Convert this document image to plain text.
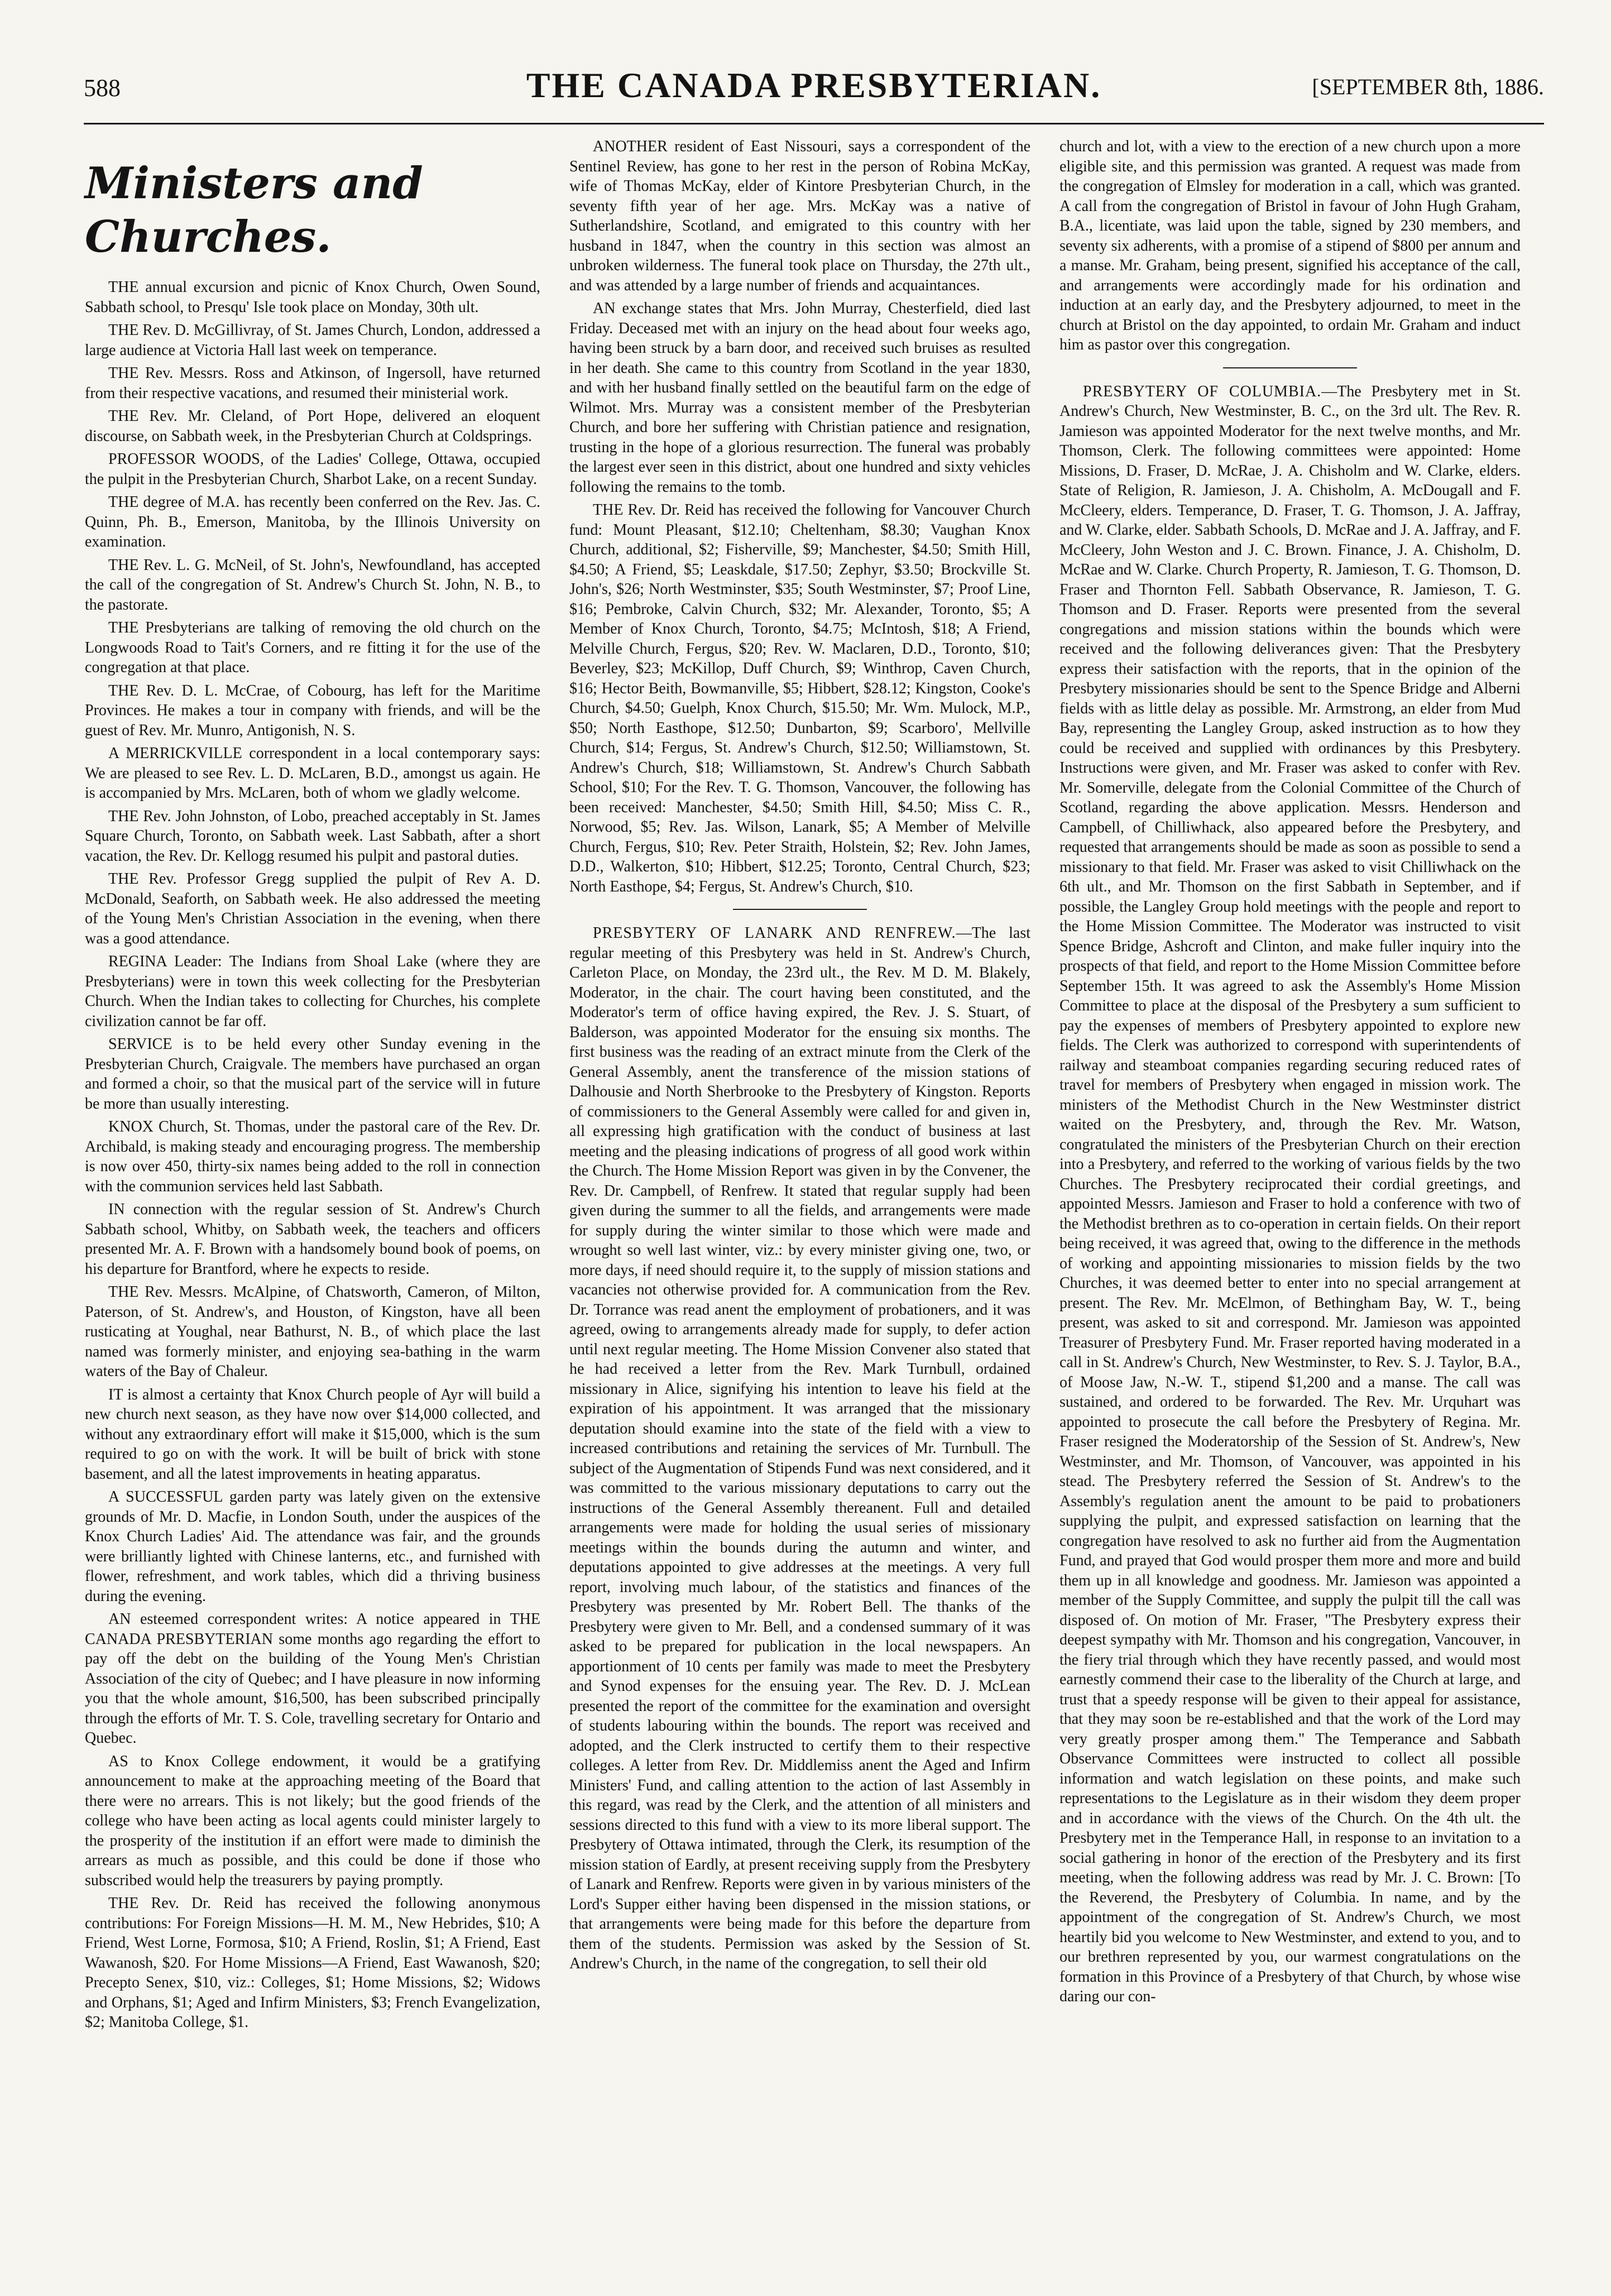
588	THE CANADA PRESBYTERIAN.	[SEPTEMBER 8th, 1886.
Ministers and Churches.

THE annual excursion and picnic of Knox Church, Owen Sound, Sabbath school, to Presqu' Isle took place on Monday, 30th ult.

THE Rev. D. McGillivray, of St. James Church, London, addressed a large audience at Victoria Hall last week on temperance.

THE Rev. Messrs. Ross and Atkinson, of Ingersoll, have returned from their respective vacations, and resumed their ministerial work.

THE Rev. Mr. Cleland, of Port Hope, delivered an eloquent discourse, on Sabbath week, in the Presbyterian Church at Coldsprings.

PROFESSOR WOODS, of the Ladies' College, Ottawa, occupied the pulpit in the Presbyterian Church, Sharbot Lake, on a recent Sunday.

THE degree of M.A. has recently been conferred on the Rev. Jas. C. Quinn, Ph. B., Emerson, Manitoba, by the Illinois University on examination.

THE Rev. L. G. McNeil, of St. John's, Newfoundland, has accepted the call of the congregation of St. Andrew's Church St. John, N. B., to the pastorate.

THE Presbyterians are talking of removing the old church on the Longwoods Road to Tait's Corners, and re fitting it for the use of the congregation at that place.

THE Rev. D. L. McCrae, of Cobourg, has left for the Maritime Provinces. He makes a tour in company with friends, and will be the guest of Rev. Mr. Munro, Antigonish, N. S.

A MERRICKVILLE correspondent in a local contemporary says: We are pleased to see Rev. L. D. McLaren, B.D., amongst us again. He is accompanied by Mrs. McLaren, both of whom we gladly welcome.

THE Rev. John Johnston, of Lobo, preached acceptably in St. James Square Church, Toronto, on Sabbath week. Last Sabbath, after a short vacation, the Rev. Dr. Kellogg resumed his pulpit and pastoral duties.

THE Rev. Professor Gregg supplied the pulpit of Rev A. D. McDonald, Seaforth, on Sabbath week. He also addressed the meeting of the Young Men's Christian Association in the evening, when there was a good attendance.

REGINA Leader: The Indians from Shoal Lake (where they are Presbyterians) were in town this week collecting for the Presbyterian Church. When the Indian takes to collecting for Churches, his complete civilization cannot be far off.

SERVICE is to be held every other Sunday evening in the Presbyterian Church, Craigvale. The members have purchased an organ and formed a choir, so that the musical part of the service will in future be more than usually interesting.

KNOX Church, St. Thomas, under the pastoral care of the Rev. Dr. Archibald, is making steady and encouraging progress. The membership is now over 450, thirty-six names being added to the roll in connection with the communion services held last Sabbath.

IN connection with the regular session of St. Andrew's Church Sabbath school, Whitby, on Sabbath week, the teachers and officers presented Mr. A. F. Brown with a handsomely bound book of poems, on his departure for Brantford, where he expects to reside.

THE Rev. Messrs. McAlpine, of Chatsworth, Cameron, of Milton, Paterson, of St. Andrew's, and Houston, of Kingston, have all been rusticating at Youghal, near Bathurst, N. B., of which place the last named was formerly minister, and enjoying sea-bathing in the warm waters of the Bay of Chaleur.

IT is almost a certainty that Knox Church people of Ayr will build a new church next season, as they have now over $14,000 collected, and without any extraordinary effort will make it $15,000, which is the sum required to go on with the work. It will be built of brick with stone basement, and all the latest improvements in heating apparatus.

A SUCCESSFUL garden party was lately given on the extensive grounds of Mr. D. Macfie, in London South, under the auspices of the Knox Church Ladies' Aid. The attendance was fair, and the grounds were brilliantly lighted with Chinese lanterns, etc., and furnished with flower, refreshment, and work tables, which did a thriving business during the evening.

AN esteemed correspondent writes: A notice appeared in THE CANADA PRESBYTERIAN some months ago regarding the effort to pay off the debt on the building of the Young Men's Christian Association of the city of Quebec; and I have pleasure in now informing you that the whole amount, $16,500, has been subscribed principally through the efforts of Mr. T. S. Cole, travelling secretary for Ontario and Quebec.

AS to Knox College endowment, it would be a gratifying announcement to make at the approaching meeting of the Board that there were no arrears. This is not likely; but the good friends of the college who have been acting as local agents could minister largely to the prosperity of the institution if an effort were made to diminish the arrears as much as possible, and this could be done if those who subscribed would help the treasurers by paying promptly.

THE Rev. Dr. Reid has received the following anonymous contributions: For Foreign Missions—H. M. M., New Hebrides, $10; A Friend, West Lorne, Formosa, $10; A Friend, Roslin, $1; A Friend, East Wawanosh, $20. For Home Missions—A Friend, East Wawanosh, $20; Precepto Senex, $10, viz.: Colleges, $1; Home Missions, $2; Widows and Orphans, $1; Aged and Infirm Ministers, $3; French Evangelization, $2; Manitoba College, $1.

ANOTHER resident of East Nissouri, says a correspondent of the Sentinel Review, has gone to her rest in the person of Robina McKay, wife of Thomas McKay, elder of Kintore Presbyterian Church, in the seventy fifth year of her age. Mrs. McKay was a native of Sutherlandshire, Scotland, and emigrated to this country with her husband in 1847, when the country in this section was almost an unbroken wilderness. The funeral took place on Thursday, the 27th ult., and was attended by a large number of friends and acquaintances.

AN exchange states that Mrs. John Murray, Chesterfield, died last Friday. Deceased met with an injury on the head about four weeks ago, having been struck by a barn door, and received such bruises as resulted in her death. She came to this country from Scotland in the year 1830, and with her husband finally settled on the beautiful farm on the edge of Wilmot. Mrs. Murray was a consistent member of the Presbyterian Church, and bore her suffering with Christian patience and resignation, trusting in the hope of a glorious resurrection. The funeral was probably the largest ever seen in this district, about one hundred and sixty vehicles following the remains to the tomb.

THE Rev. Dr. Reid has received the following for Vancouver Church fund: Mount Pleasant, $12.10; Cheltenham, $8.30; Vaughan Knox Church, additional, $2; Fisherville, $9; Manchester, $4.50; Smith Hill, $4.50; A Friend, $5; Leaskdale, $17.50; Zephyr, $3.50; Brockville St. John's, $26; North Westminster, $35; South Westminster, $7; Proof Line, $16; Pembroke, Calvin Church, $32; Mr. Alexander, Toronto, $5; A Member of Knox Church, Toronto, $4.75; McIntosh, $18; A Friend, Melville Church, Fergus, $20; Rev. W. Maclaren, D.D., Toronto, $10; Beverley, $23; McKillop, Duff Church, $9; Winthrop, Caven Church, $16; Hector Beith, Bowmanville, $5; Hibbert, $28.12; Kingston, Cooke's Church, $4.50; Guelph, Knox Church, $15.50; Mr. Wm. Mulock, M.P., $50; North Easthope, $12.50; Dunbarton, $9; Scarboro', Mellville Church, $14; Fergus, St. Andrew's Church, $12.50; Williamstown, St. Andrew's Church, $18; Williamstown, St. Andrew's Church Sabbath School, $10; For the Rev. T. G. Thomson, Vancouver, the following has been received: Manchester, $4.50; Smith Hill, $4.50; Miss C. R., Norwood, $5; Rev. Jas. Wilson, Lanark, $5; A Member of Melville Church, Fergus, $10; Rev. Peter Straith, Holstein, $2; Rev. John James, D.D., Walkerton, $10; Hibbert, $12.25; Toronto, Central Church, $23; North Easthope, $4; Fergus, St. Andrew's Church, $10.

PRESBYTERY OF LANARK AND RENFREW.—The last regular meeting of this Presbytery was held in St. Andrew's Church, Carleton Place, on Monday, the 23rd ult., the Rev. M D. M. Blakely, Moderator, in the chair. The court having been constituted, and the Moderator's term of office having expired, the Rev. J. S. Stuart, of Balderson, was appointed Moderator for the ensuing six months. The first business was the reading of an extract minute from the Clerk of the General Assembly, anent the transference of the mission stations of Dalhousie and North Sherbrooke to the Presbytery of Kingston. Reports of commissioners to the General Assembly were called for and given in, all expressing high gratification with the conduct of business at last meeting and the pleasing indications of progress of all good work within the Church. The Home Mission Report was given in by the Convener, the Rev. Dr. Campbell, of Renfrew. It stated that regular supply had been given during the summer to all the fields, and arrangements were made for supply during the winter similar to those which were made and wrought so well last winter, viz.: by every minister giving one, two, or more days, if need should require it, to the supply of mission stations and vacancies not otherwise provided for. A communication from the Rev. Dr. Torrance was read anent the employment of probationers, and it was agreed, owing to arrangements already made for supply, to defer action until next regular meeting. The Home Mission Convener also stated that he had received a letter from the Rev. Mark Turnbull, ordained missionary in Alice, signifying his intention to leave his field at the expiration of his appointment. It was arranged that the missionary deputation should examine into the state of the field with a view to increased contributions and retaining the services of Mr. Turnbull. The subject of the Augmentation of Stipends Fund was next considered, and it was committed to the various missionary deputations to carry out the instructions of the General Assembly thereanent. Full and detailed arrangements were made for holding the usual series of missionary meetings within the bounds during the autumn and winter, and deputations appointed to give addresses at the meetings. A very full report, involving much labour, of the statistics and finances of the Presbytery was presented by Mr. Robert Bell. The thanks of the Presbytery were given to Mr. Bell, and a condensed summary of it was asked to be prepared for publication in the local newspapers. An apportionment of 10 cents per family was made to meet the Presbytery and Synod expenses for the ensuing year. The Rev. D. J. McLean presented the report of the committee for the examination and oversight of students labouring within the bounds. The report was received and adopted, and the Clerk instructed to certify them to their respective colleges. A letter from Rev. Dr. Middlemiss anent the Aged and Infirm Ministers' Fund, and calling attention to the action of last Assembly in this regard, was read by the Clerk, and the attention of all ministers and sessions directed to this fund with a view to its more liberal support. The Presbytery of Ottawa intimated, through the Clerk, its resumption of the mission station of Eardly, at present receiving supply from the Presbytery of Lanark and Renfrew. Reports were given in by various ministers of the Lord's Supper either having been dispensed in the mission stations, or that arrangements were being made for this before the departure from them of the students. Permission was asked by the Session of St. Andrew's Church, in the name of the congregation, to sell their old

church and lot, with a view to the erection of a new church upon a more eligible site, and this permission was granted. A request was made from the congregation of Elmsley for moderation in a call, which was granted. A call from the congregation of Bristol in favour of John Hugh Graham, B.A., licentiate, was laid upon the table, signed by 230 members, and seventy six adherents, with a promise of a stipend of $800 per annum and a manse. Mr. Graham, being present, signified his acceptance of the call, and arrangements were accordingly made for his ordination and induction at an early day, and the Presbytery adjourned, to meet in the church at Bristol on the day appointed, to ordain Mr. Graham and induct him as pastor over this congregation.

PRESBYTERY OF COLUMBIA.—The Presbytery met in St. Andrew's Church, New Westminster, B. C., on the 3rd ult. The Rev. R. Jamieson was appointed Moderator for the next twelve months, and Mr. Thomson, Clerk. The following committees were appointed: Home Missions, D. Fraser, D. McRae, J. A. Chisholm and W. Clarke, elders. State of Religion, R. Jamieson, J. A. Chisholm, A. McDougall and F. McCleery, elders. Temperance, D. Fraser, T. G. Thomson, J. A. Jaffray, and W. Clarke, elder. Sabbath Schools, D. McRae and J. A. Jaffray, and F. McCleery, John Weston and J. C. Brown. Finance, J. A. Chisholm, D. McRae and W. Clarke. Church Property, R. Jamieson, T. G. Thomson, D. Fraser and Thornton Fell. Sabbath Observance, R. Jamieson, T. G. Thomson and D. Fraser. Reports were presented from the several congregations and mission stations within the bounds which were received and the following deliverances given: That the Presbytery express their satisfaction with the reports, that in the opinion of the Presbytery missionaries should be sent to the Spence Bridge and Alberni fields with as little delay as possible. Mr. Armstrong, an elder from Mud Bay, representing the Langley Group, asked instruction as to how they could be received and supplied with ordinances by this Presbytery. Instructions were given, and Mr. Fraser was asked to confer with Rev. Mr. Somerville, delegate from the Colonial Committee of the Church of Scotland, regarding the above application. Messrs. Henderson and Campbell, of Chilliwhack, also appeared before the Presbytery, and requested that arrangements should be made as soon as possible to send a missionary to that field. Mr. Fraser was asked to visit Chilliwhack on the 6th ult., and Mr. Thomson on the first Sabbath in September, and if possible, the Langley Group hold meetings with the people and report to the Home Mission Committee. The Moderator was instructed to visit Spence Bridge, Ashcroft and Clinton, and make fuller inquiry into the prospects of that field, and report to the Home Mission Committee before September 15th. It was agreed to ask the Assembly's Home Mission Committee to place at the disposal of the Presbytery a sum sufficient to pay the expenses of members of Presbytery appointed to explore new fields. The Clerk was authorized to correspond with superintendents of railway and steamboat companies regarding securing reduced rates of travel for members of Presbytery when engaged in mission work. The ministers of the Methodist Church in the New Westminster district waited on the Presbytery, and, through the Rev. Mr. Watson, congratulated the ministers of the Presbyterian Church on their erection into a Presbytery, and referred to the working of various fields by the two Churches. The Presbytery reciprocated their cordial greetings, and appointed Messrs. Jamieson and Fraser to hold a conference with two of the Methodist brethren as to co-operation in certain fields. On their report being received, it was agreed that, owing to the difference in the methods of working and appointing missionaries to mission fields by the two Churches, it was deemed better to enter into no special arrangement at present. The Rev. Mr. McElmon, of Bethingham Bay, W. T., being present, was asked to sit and correspond. Mr. Jamieson was appointed Treasurer of Presbytery Fund. Mr. Fraser reported having moderated in a call in St. Andrew's Church, New Westminster, to Rev. S. J. Taylor, B.A., of Moose Jaw, N.-W. T., stipend $1,200 and a manse. The call was sustained, and ordered to be forwarded. The Rev. Mr. Urquhart was appointed to prosecute the call before the Presbytery of Regina. Mr. Fraser resigned the Moderatorship of the Session of St. Andrew's, New Westminster, and Mr. Thomson, of Vancouver, was appointed in his stead. The Presbytery referred the Session of St. Andrew's to the Assembly's regulation anent the amount to be paid to probationers supplying the pulpit, and expressed satisfaction on learning that the congregation have resolved to ask no further aid from the Augmentation Fund, and prayed that God would prosper them more and more and build them up in all knowledge and goodness. Mr. Jamieson was appointed a member of the Supply Committee, and supply the pulpit till the call was disposed of. On motion of Mr. Fraser, "The Presbytery express their deepest sympathy with Mr. Thomson and his congregation, Vancouver, in the fiery trial through which they have recently passed, and would most earnestly commend their case to the liberality of the Church at large, and trust that a speedy response will be given to their appeal for assistance, that they may soon be re-established and that the work of the Lord may very greatly prosper among them." The Temperance and Sabbath Observance Committees were instructed to collect all possible information and watch legislation on these points, and make such representations to the Legislature as in their wisdom they deem proper and in accordance with the views of the Church. On the 4th ult. the Presbytery met in the Temperance Hall, in response to an invitation to a social gathering in honor of the erection of the Presbytery and its first meeting, when the following address was read by Mr. J. C. Brown: [To the Reverend, the Presbytery of Columbia. In name, and by the appointment of the congregation of St. Andrew's Church, we most heartily bid you welcome to New Westminster, and extend to you, and to our brethren represented by you, our warmest congratulations on the formation in this Province of a Presbytery of that Church, by whose wise daring our con-
